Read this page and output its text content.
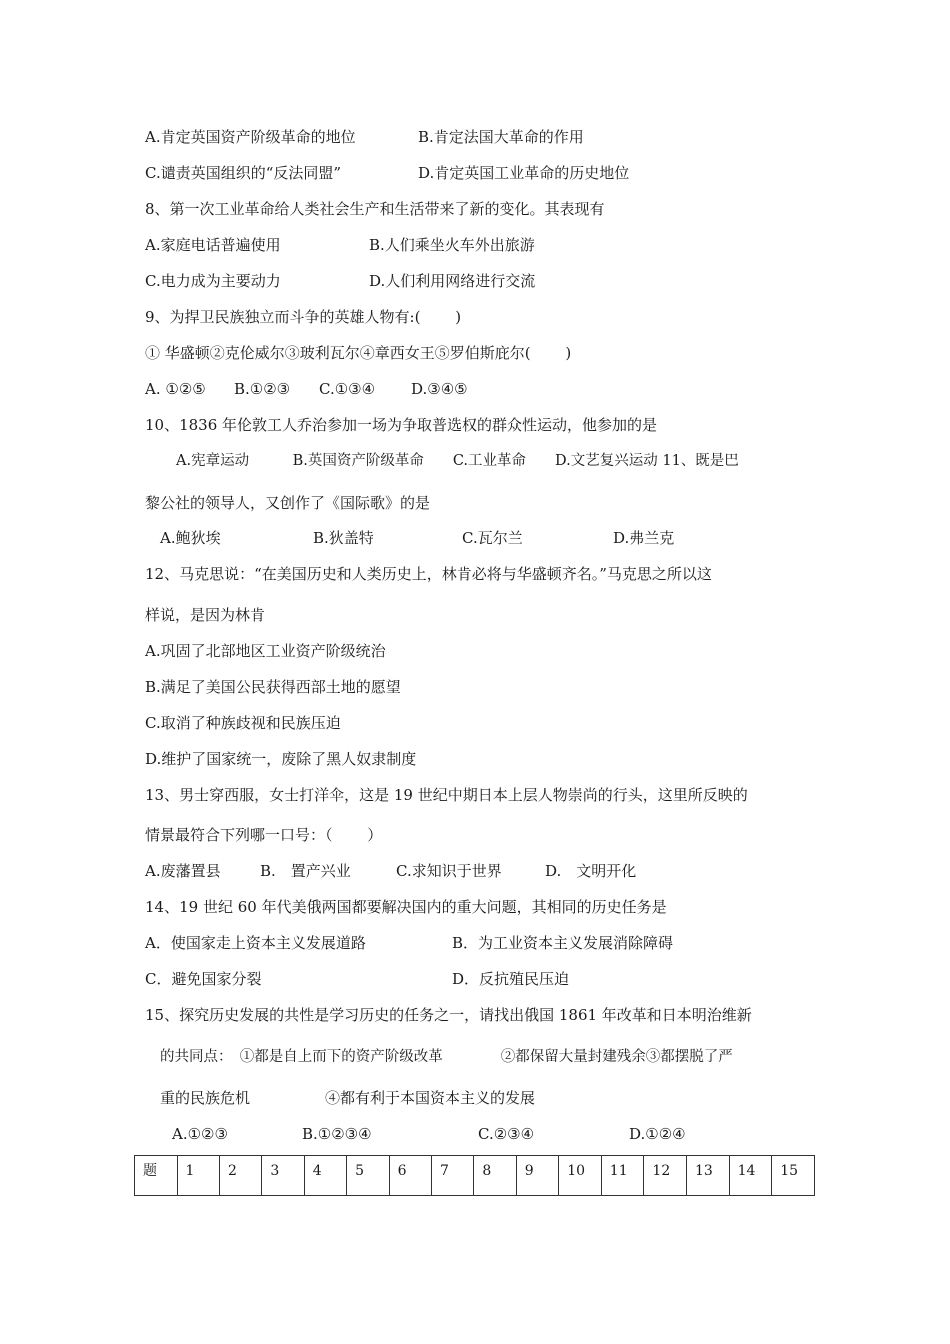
A.肯定英国资产阶级革命的地位	B.肯定法国大革命的作用
C.谴责英国组织的“反法同盟”	D.肯定英国工业革命的历史地位
8、第一次工业革命给人类社会生产和生活带来了新的变化。其表现有
A.家庭电话普遍使用	B.人们乘坐火车外出旅游
C.电力成为主要动力	D.人们利用网络进行交流
9、为捍卫民族独立而斗争的英雄人物有:(　　 )
① 华盛顿②克伦威尔③玻利瓦尔④章西女王⑤罗伯斯庇尔(　　 )
A. ①②⑤ B.①②③ C.①③④ D.③④⑤
10、1836 年伦敦工人乔治参加一场为争取普选权的群众性运动，他参加的是
A.宪章运动　　　B.英国资产阶级革命　　C.工业革命　　D.文艺复兴运动 11、既是巴
黎公社的领导人，又创作了《国际歌》的是
A.鲍狄埃	B.狄盖特	C.瓦尔兰	D.弗兰克
12、马克思说：“在美国历史和人类历史上，林肯必将与华盛顿齐名。”马克思之所以这
样说，是因为林肯
A.巩固了北部地区工业资产阶级统治
B.满足了美国公民获得西部土地的愿望
C.取消了种族歧视和民族压迫
D.维护了国家统一，废除了黑人奴隶制度
13、男士穿西服，女士打洋伞，这是 19 世纪中期日本上层人物崇尚的行头，这里所反映的
情景最符合下列哪一口号：（　　 ）
A.废藩置县	B.　置产兴业	C.求知识于世界	D.　文明开化
14、19 世纪 60 年代美俄两国都要解决国内的重大问题，其相同的历史任务是
A．使国家走上资本主义发展道路	B．为工业资本主义发展消除障碍
C．避免国家分裂	D．反抗殖民压迫
15、探究历史发展的共性是学习历史的任务之一，请找出俄国 1861 年改革和日本明治维新
的共同点：　①都是自上而下的资产阶级改革　　　　②都保留大量封建残余③都摆脱了严
重的民族危机　　　　　④都有利于本国资本主义的发展
A.①②③	B.①②③④	C.②③④	D.①②④
题	1	2	3	4	5	6	7	8	9	10	11	12	13	14	15
